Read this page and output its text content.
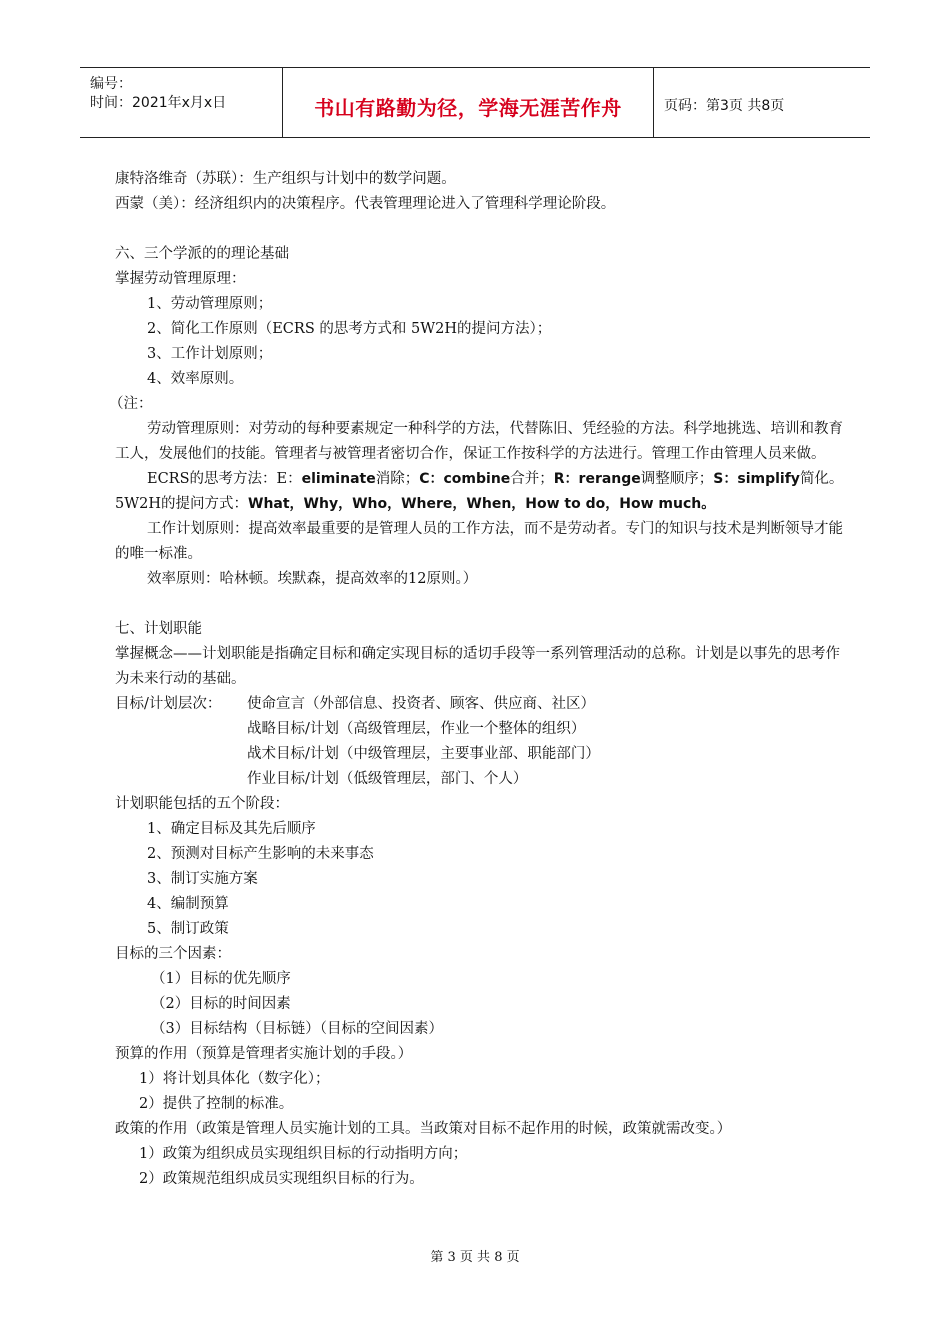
编号：
时间：2021年x月x日	书山有路勤为径，学海无涯苦作舟	页码：第3页 共8页
康特洛维奇（苏联）：生产组织与计划中的数学问题。
西蒙（美）：经济组织内的决策程序。代表管理理论进入了管理科学理论阶段。
六、三个学派的的理论基础
掌握劳动管理原理：
1、劳动管理原则；
2、简化工作原则（ECRS 的思考方式和 5W2H的提问方法）；
3、工作计划原则；
4、效率原则。
（注：
劳动管理原则：对劳动的每种要素规定一种科学的方法，代替陈旧、凭经验的方法。科学地挑选、培训和教育工人，发展他们的技能。管理者与被管理者密切合作，保证工作按科学的方法进行。管理工作由管理人员来做。
ECRS的思考方法：E：eliminate消除；C：combine合并；R：rerange调整顺序；S：simplify简化。5W2H的提问方式：What，Why，Who，Where，When，How to do，How much。
工作计划原则：提高效率最重要的是管理人员的工作方法，而不是劳动者。专门的知识与技术是判断领导才能的唯一标准。
效率原则：哈林顿。埃默森，提高效率的12原则。）
七、计划职能
掌握概念——计划职能是指确定目标和确定实现目标的适切手段等一系列管理活动的总称。计划是以事先的思考作为未来行动的基础。
目标/计划层次： 使命宣言（外部信息、投资者、顾客、供应商、社区）
战略目标/计划（高级管理层，作业一个整体的组织）
战术目标/计划（中级管理层，主要事业部、职能部门）
作业目标/计划（低级管理层，部门、个人）
计划职能包括的五个阶段：
1、确定目标及其先后顺序
2、预测对目标产生影响的未来事态
3、制订实施方案
4、编制预算
5、制订政策
目标的三个因素：
（1）目标的优先顺序
（2）目标的时间因素
（3）目标结构（目标链）（目标的空间因素）
预算的作用（预算是管理者实施计划的手段。）
1）将计划具体化（数字化）；
2）提供了控制的标准。
政策的作用（政策是管理人员实施计划的工具。当政策对目标不起作用的时候，政策就需改变。）
1）政策为组织成员实现组织目标的行动指明方向；
2）政策规范组织成员实现组织目标的行为。
第 3 页 共 8 页
